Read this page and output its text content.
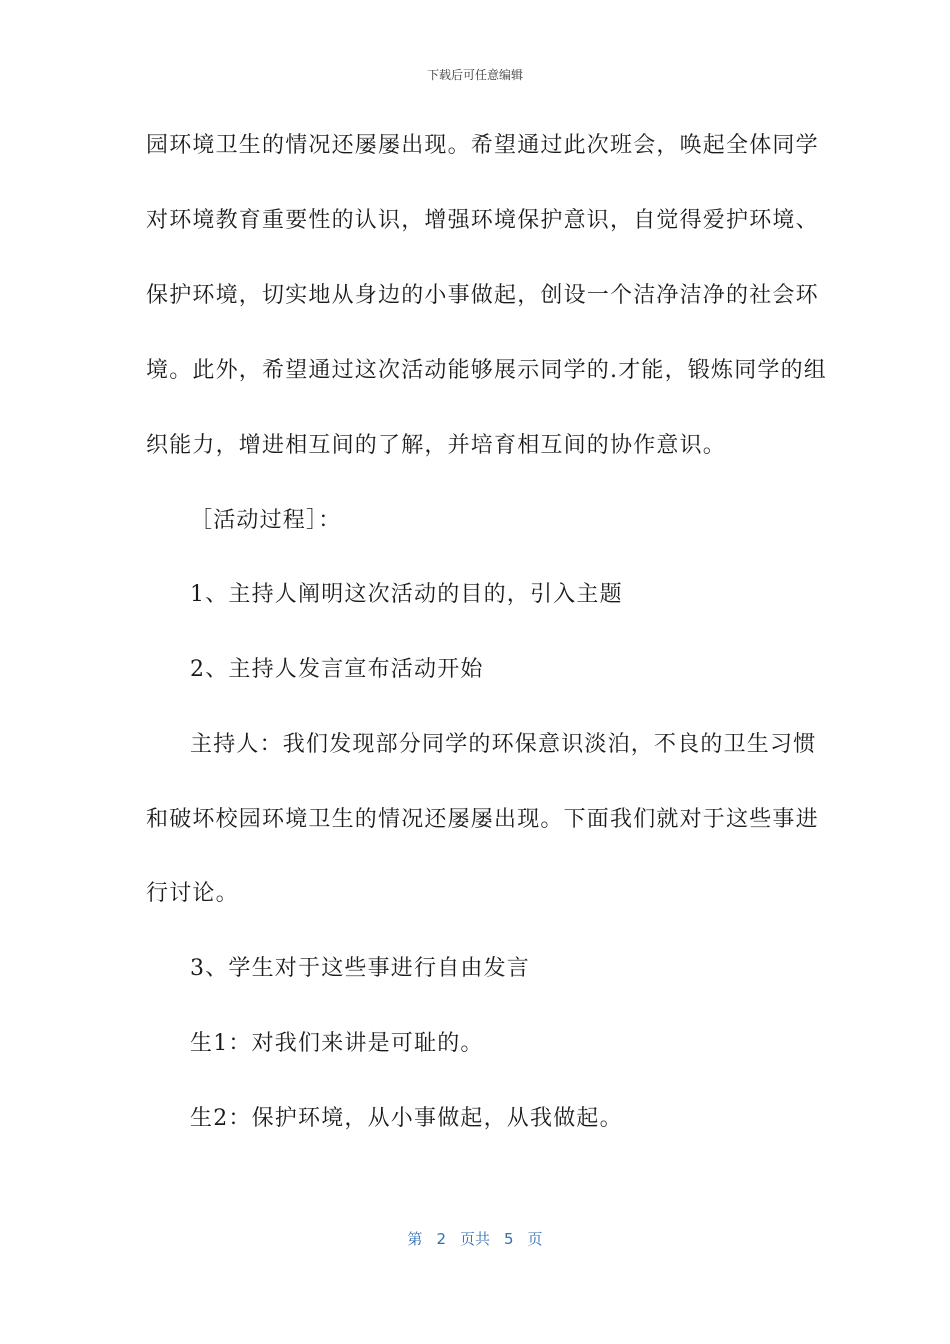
下载后可任意编辑
园环境卫生的情况还屡屡出现。希望通过此次班会，唤起全体同学
对环境教育重要性的认识，增强环境保护意识，自觉得爱护环境、
保护环境，切实地从身边的小事做起，创设一个洁净洁净的社会环
境。此外，希望通过这次活动能够展示同学的.才能，锻炼同学的组
织能力，增进相互间的了解，并培育相互间的协作意识。
［活动过程］：
1、主持人阐明这次活动的目的，引入主题
2、主持人发言宣布活动开始
主持人：我们发现部分同学的环保意识淡泊，不良的卫生习惯
和破坏校园环境卫生的情况还屡屡出现。下面我们就对于这些事进
行讨论。
3、学生对于这些事进行自由发言
生1：对我们来讲是可耻的。
生2：保护环境，从小事做起，从我做起。
第 2 页共 5 页
